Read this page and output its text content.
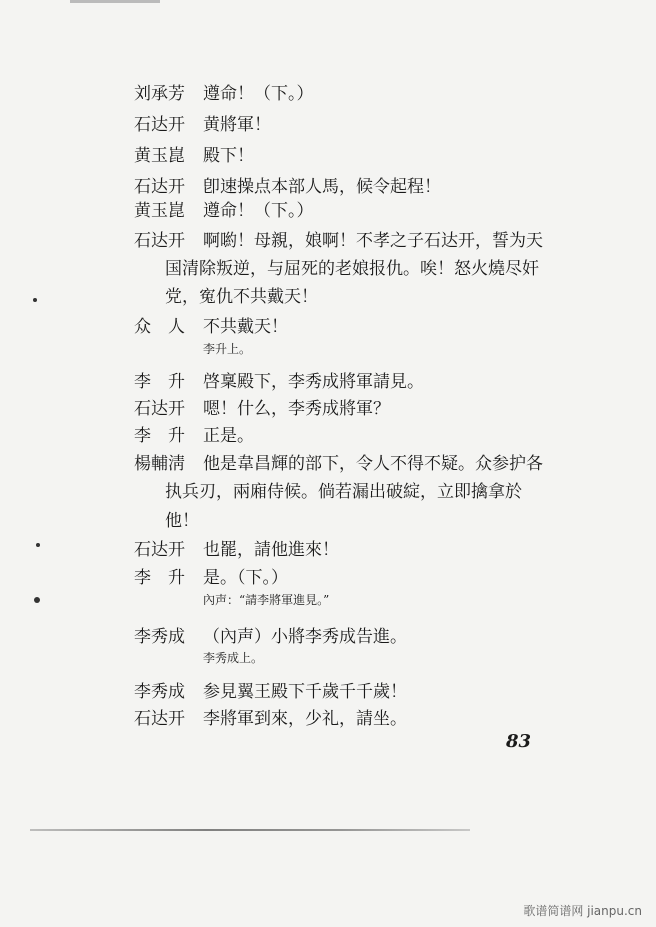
刘承芳 遵命！（下。）
石达开 黄將軍！
黄玉崑 殿下！
石达开 卽速操点本部人馬，候令起程！
黄玉崑 遵命！（下。）
石达开 啊喲！母親，娘啊！不孝之子石达开，誓为天
国清除叛逆，与屈死的老娘报仇。唉！怒火燒尽奸
党，寃仇不共戴天！
众　人 不共戴天！
李升上。
李　升 啓稟殿下，李秀成將軍請見。
石达开 嗯！什么，李秀成將軍？
李　升 正是。
楊輔淸 他是韋昌輝的部下，令人不得不疑。众参护各
执兵刃，兩廂侍候。倘若漏出破綻，立即擒拿於
他！
石达开 也罷，請他進來！
李　升 是。（下。）
內声：“請李將軍進見。”
李秀成 （內声）小將李秀成告進。
李秀成上。
李秀成 参見翼王殿下千歲千千歲！
石达开 李將軍到來，少礼，請坐。
83
歌谱简谱网 jianpu.cn
